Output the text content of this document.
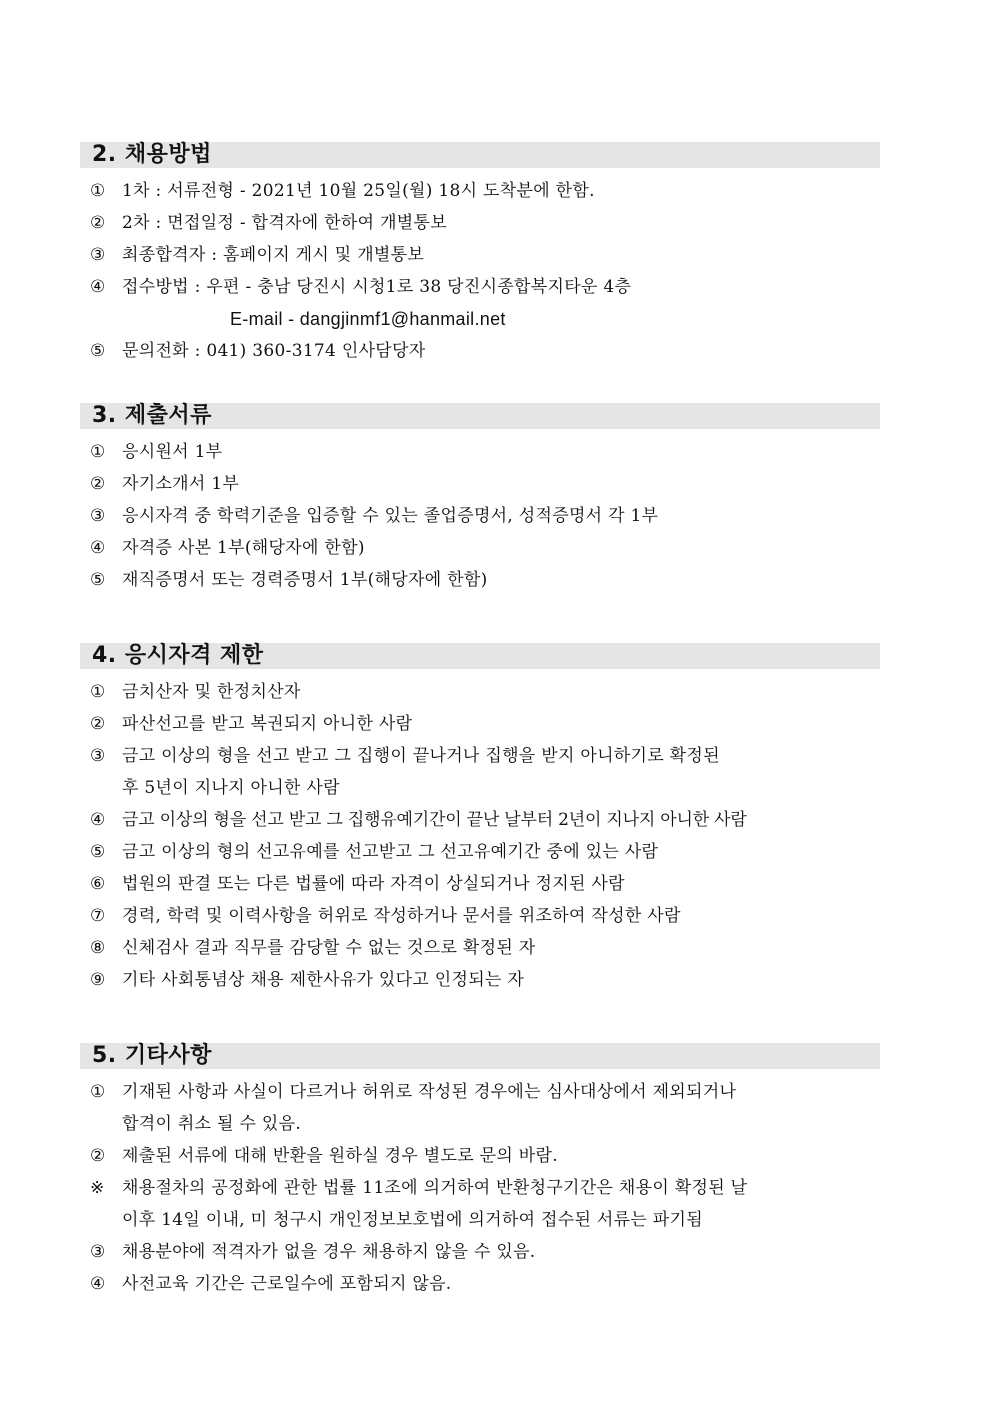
2. 채용방법
① 1차 : 서류전형 - 2021년 10월 25일(월) 18시 도착분에 한함.
② 2차 : 면접일정 - 합격자에 한하여 개별통보
③ 최종합격자 : 홈페이지 게시 및 개별통보
④ 접수방법 : 우편 - 충남 당진시 시청1로 38 당진시종합복지타운 4층
E-mail - dangjinmf1@hanmail.net
⑤ 문의전화 : 041) 360-3174 인사담당자
3. 제출서류
① 응시원서 1부
② 자기소개서 1부
③ 응시자격 중 학력기준을 입증할 수 있는 졸업증명서, 성적증명서 각 1부
④ 자격증 사본 1부(해당자에 한함)
⑤ 재직증명서 또는 경력증명서 1부(해당자에 한함)
4. 응시자격 제한
① 금치산자 및 한정치산자
② 파산선고를 받고 복권되지 아니한 사람
③ 금고 이상의 형을 선고 받고 그 집행이 끝나거나 집행을 받지 아니하기로 확정된
후 5년이 지나지 아니한 사람
④ 금고 이상의 형을 선고 받고 그 집행유예기간이 끝난 날부터 2년이 지나지 아니한 사람
⑤ 금고 이상의 형의 선고유예를 선고받고 그 선고유예기간 중에 있는 사람
⑥ 법원의 판결 또는 다른 법률에 따라 자격이 상실되거나 정지된 사람
⑦ 경력, 학력 및 이력사항을 허위로 작성하거나 문서를 위조하여 작성한 사람
⑧ 신체검사 결과 직무를 감당할 수 없는 것으로 확정된 자
⑨ 기타 사회통념상 채용 제한사유가 있다고 인정되는 자
5. 기타사항
① 기재된 사항과 사실이 다르거나 허위로 작성된 경우에는 심사대상에서 제외되거나
합격이 취소 될 수 있음.
② 제출된 서류에 대해 반환을 원하실 경우 별도로 문의 바람.
※	채용절차의 공정화에 관한 법률 11조에 의거하여 반환청구기간은 채용이 확정된 날
이후 14일 이내, 미 청구시 개인정보보호법에 의거하여 접수된 서류는 파기됨
③ 채용분야에 적격자가 없을 경우 채용하지 않을 수 있음.
④ 사전교육 기간은 근로일수에 포함되지 않음.
